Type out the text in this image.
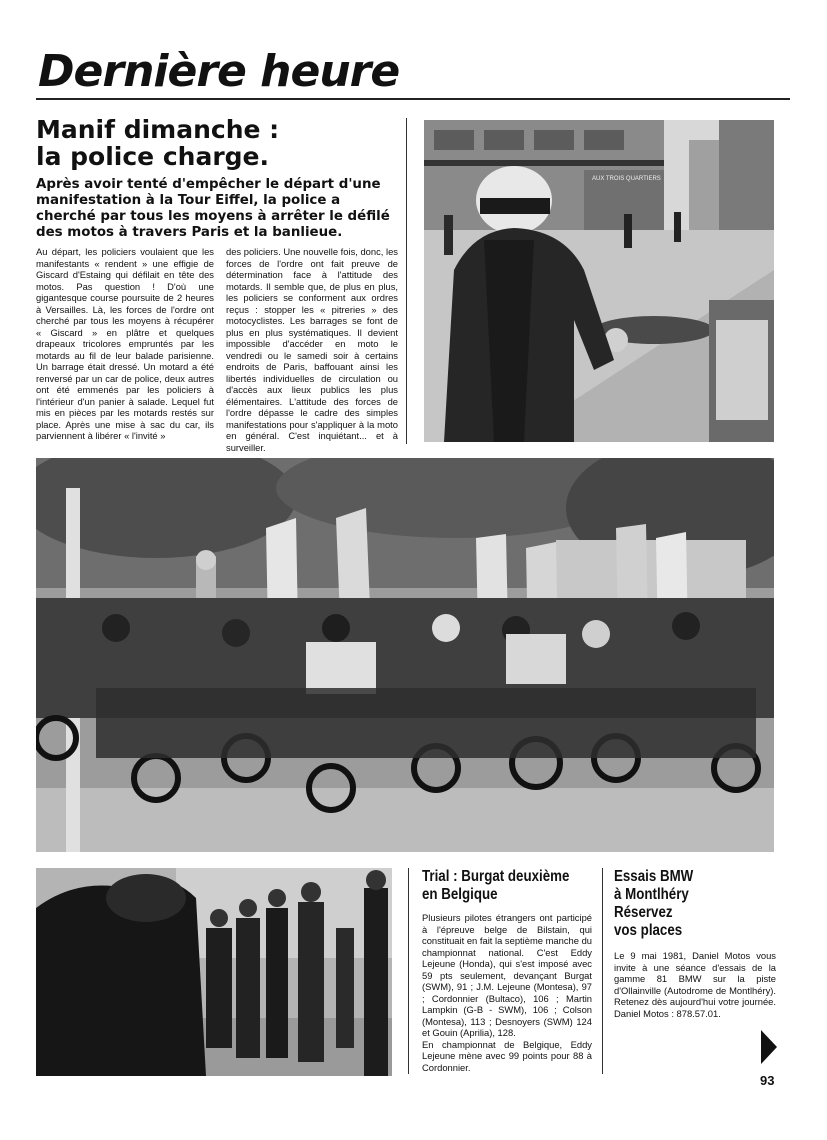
Dernière heure
Manif dimanche :
la police charge.
Après avoir tenté d'empêcher le départ d'une manifestation à la Tour Eiffel, la police a cherché par tous les moyens à arrêter le défilé des motos à travers Paris et la banlieue.
Au départ, les policiers voulaient que les manifestants « rendent » une effigie de Giscard d'Estaing qui défilait en tête des motos. Pas question ! D'où une gigantesque course poursuite de 2 heures à Versailles. Là, les forces de l'ordre ont cherché par tous les moyens à récupérer « Giscard » en plâtre et quelques drapeaux tricolores empruntés par les motards au fil de leur balade parisienne. Un barrage était dressé. Un motard a été renversé par un car de police, deux autres ont été emmenés par les policiers à l'intérieur d'un panier à salade. Lequel fut mis en pièces par les motards restés sur place. Après une mise à sac du car, ils parviennent à libérer « l'invité »
des policiers. Une nouvelle fois, donc, les forces de l'ordre ont fait preuve de détermination face à l'attitude des motards. Il semble que, de plus en plus, les policiers se conforment aux ordres reçus : stopper les « pitreries » des motocyclistes. Les barrages se font de plus en plus systématiques. Il devient impossible d'accéder en moto le vendredi ou le samedi soir à certains endroits de Paris, baffouant ainsi les libertés individuelles de circulation ou d'accès aux lieux publics les plus élémentaires. L'attitude des forces de l'ordre dépasse le cadre des simples manifestations pour s'appliquer à la moto en général. C'est inquiétant... et à surveiller.
AUX TROIS QUARTIERS
Trial : Burgat deuxième
en Belgique

Plusieurs pilotes étrangers ont participé à l'épreuve belge de Bilstain, qui constituait en fait la septième manche du championnat national. C'est Eddy Lejeune (Honda), qui s'est imposé avec 59 pts seulement, devançant Burgat (SWM), 91 ; J.M. Lejeune (Montesa), 97 ; Cordonnier (Bultaco), 106 ; Martin Lampkin (G-B - SWM), 106 ; Colson (Montesa), 113 ; Desnoyers (SWM) 124 et Gouin (Aprilia), 128.

En championnat de Belgique, Eddy Lejeune mène avec 99 points pour 88 à Cordonnier.

Essais BMW
à Montlhéry
Réservez
vos places

Le 9 mai 1981, Daniel Motos vous invite à une séance d'essais de la gamme 81 BMW sur la piste d'Ollainville (Autodrome de Montlhéry). Retenez dès aujourd'hui votre journée. Daniel Motos : 878.57.01.

93
